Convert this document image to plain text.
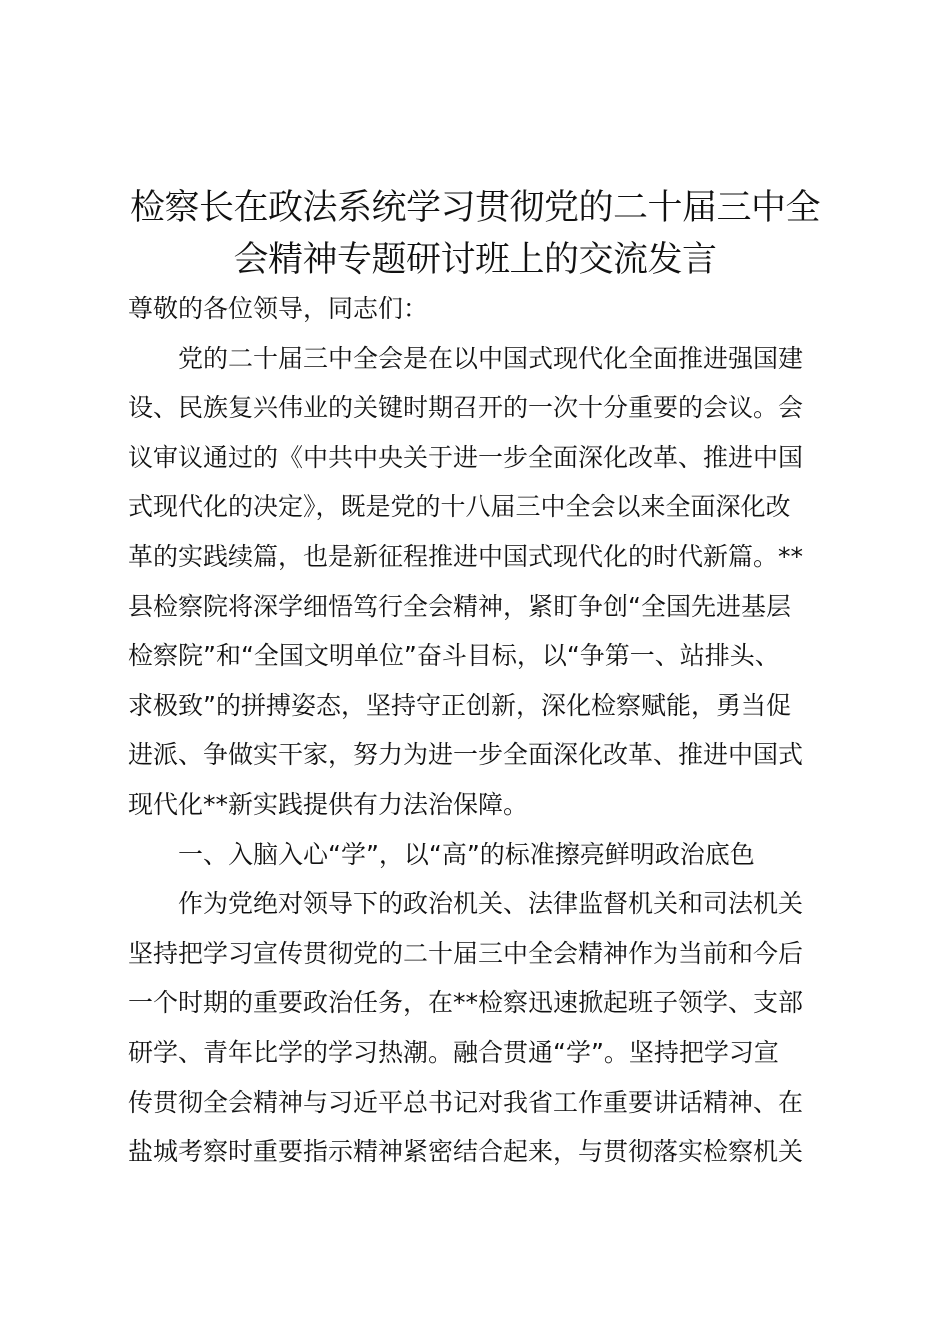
检察长在政法系统学习贯彻党的二十届三中全
会精神专题研讨班上的交流发言
尊敬的各位领导，同志们：
党的二十届三中全会是在以中国式现代化全面推进强国建
设、民族复兴伟业的关键时期召开的一次十分重要的会议。会
议审议通过的《中共中央关于进一步全面深化改革、推进中国
式现代化的决定》，既是党的十八届三中全会以来全面深化改
革的实践续篇，也是新征程推进中国式现代化的时代新篇。**
县检察院将深学细悟笃行全会精神，紧盯争创“全国先进基层
检察院”和“全国文明单位”奋斗目标，以“争第一、站排头、
求极致”的拼搏姿态，坚持守正创新，深化检察赋能，勇当促
进派、争做实干家，努力为进一步全面深化改革、推进中国式
现代化**新实践提供有力法治保障。
一、入脑入心“学”，以“高”的标准擦亮鲜明政治底色
作为党绝对领导下的政治机关、法律监督机关和司法机关
坚持把学习宣传贯彻党的二十届三中全会精神作为当前和今后
一个时期的重要政治任务，在**检察迅速掀起班子领学、支部
研学、青年比学的学习热潮。融合贯通“学”。坚持把学习宣
传贯彻全会精神与习近平总书记对我省工作重要讲话精神、在
盐城考察时重要指示精神紧密结合起来，与贯彻落实检察机关
